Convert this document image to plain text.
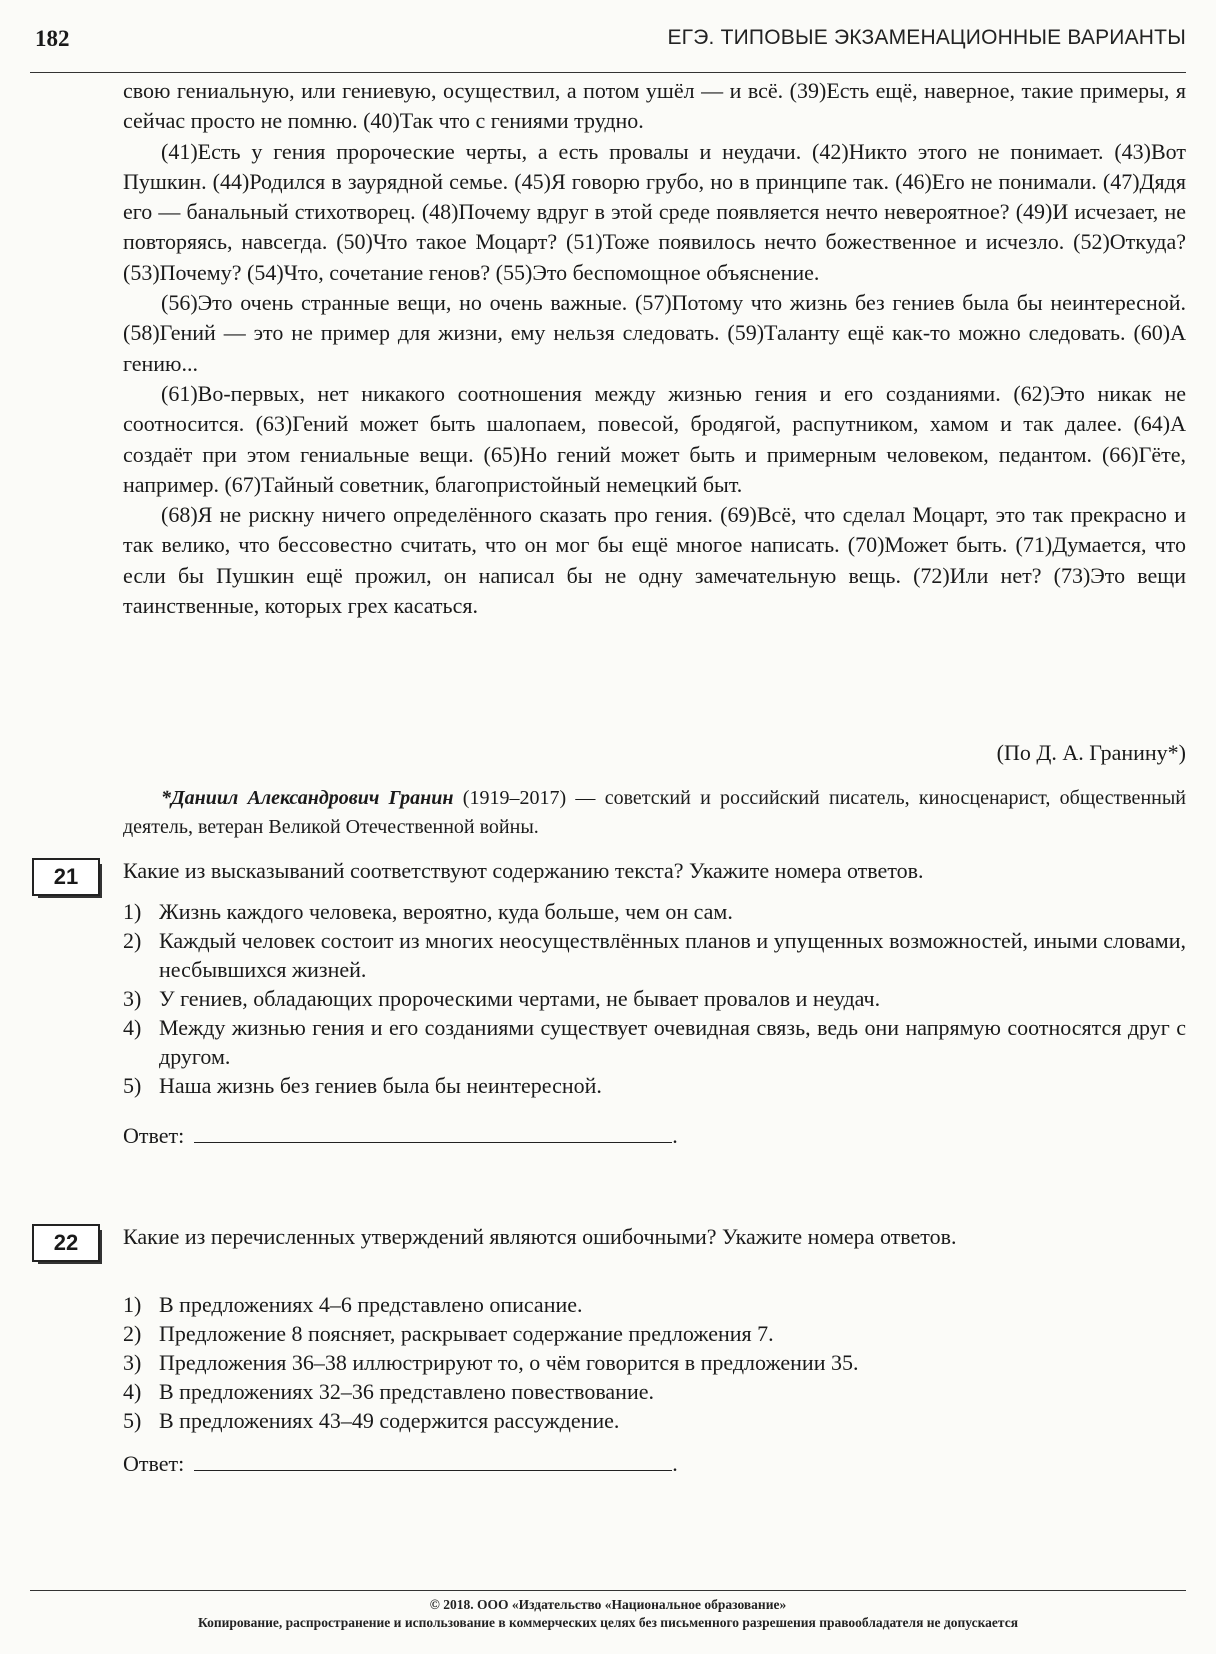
182	ЕГЭ. ТИПОВЫЕ ЭКЗАМЕНАЦИОННЫЕ ВАРИАНТЫ

свою гениальную, или гениевую, осуществил, а потом ушёл — и всё. (39)Есть ещё, наверное, такие примеры, я сейчас просто не помню. (40)Так что с гениями трудно.

(41)Есть у гения пророческие черты, а есть провалы и неудачи. (42)Никто этого не понимает. (43)Вот Пушкин. (44)Родился в заурядной семье. (45)Я говорю грубо, но в принципе так. (46)Его не понимали. (47)Дядя его — банальный стихотворец. (48)Почему вдруг в этой среде появляется нечто невероятное? (49)И исчезает, не повторяясь, навсегда. (50)Что такое Моцарт? (51)Тоже появилось нечто божественное и исчезло. (52)Откуда? (53)Почему? (54)Что, сочетание генов? (55)Это беспомощное объяснение.

(56)Это очень странные вещи, но очень важные. (57)Потому что жизнь без гениев была бы неинтересной. (58)Гений — это не пример для жизни, ему нельзя следовать. (59)Таланту ещё как-то можно следовать. (60)А гению...

(61)Во-первых, нет никакого соотношения между жизнью гения и его созданиями. (62)Это никак не соотносится. (63)Гений может быть шалопаем, повесой, бродягой, распутником, хамом и так далее. (64)А создаёт при этом гениальные вещи. (65)Но гений может быть и примерным человеком, педантом. (66)Гёте, например. (67)Тайный советник, благопристойный немецкий быт.

(68)Я не рискну ничего определённого сказать про гения. (69)Всё, что сделал Моцарт, это так прекрасно и так велико, что бессовестно считать, что он мог бы ещё многое написать. (70)Может быть. (71)Думается, что если бы Пушкин ещё прожил, он написал бы не одну замечательную вещь. (72)Или нет? (73)Это вещи таинственные, которых грех касаться.

(По Д. А. Гранину*)
*Даниил Александрович Гранин (1919–2017) — советский и российский писатель, киносценарист, общественный деятель, ветеран Великой Отечественной войны.
21	Какие из высказываний соответствуют содержанию текста? Укажите номера ответов.
1) Жизнь каждого человека, вероятно, куда больше, чем он сам.
2) Каждый человек состоит из многих неосуществлённых планов и упущенных возможностей, иными словами, несбывшихся жизней.
3) У гениев, обладающих пророческими чертами, не бывает провалов и неудач.
4) Между жизнью гения и его созданиями существует очевидная связь, ведь они напрямую соотносятся друг с другом.
5) Наша жизнь без гениев была бы неинтересной.
Ответ:	.
22	Какие из перечисленных утверждений являются ошибочными? Укажите номера ответов.
1) В предложениях 4–6 представлено описание.
2) Предложение 8 поясняет, раскрывает содержание предложения 7.
3) Предложения 36–38 иллюстрируют то, о чём говорится в предложении 35.
4) В предложениях 32–36 представлено повествование.
5) В предложениях 43–49 содержится рассуждение.
Ответ:	.
© 2018. ООО «Издательство «Национальное образование»
Копирование, распространение и использование в коммерческих целях без письменного разрешения правообладателя не допускается
